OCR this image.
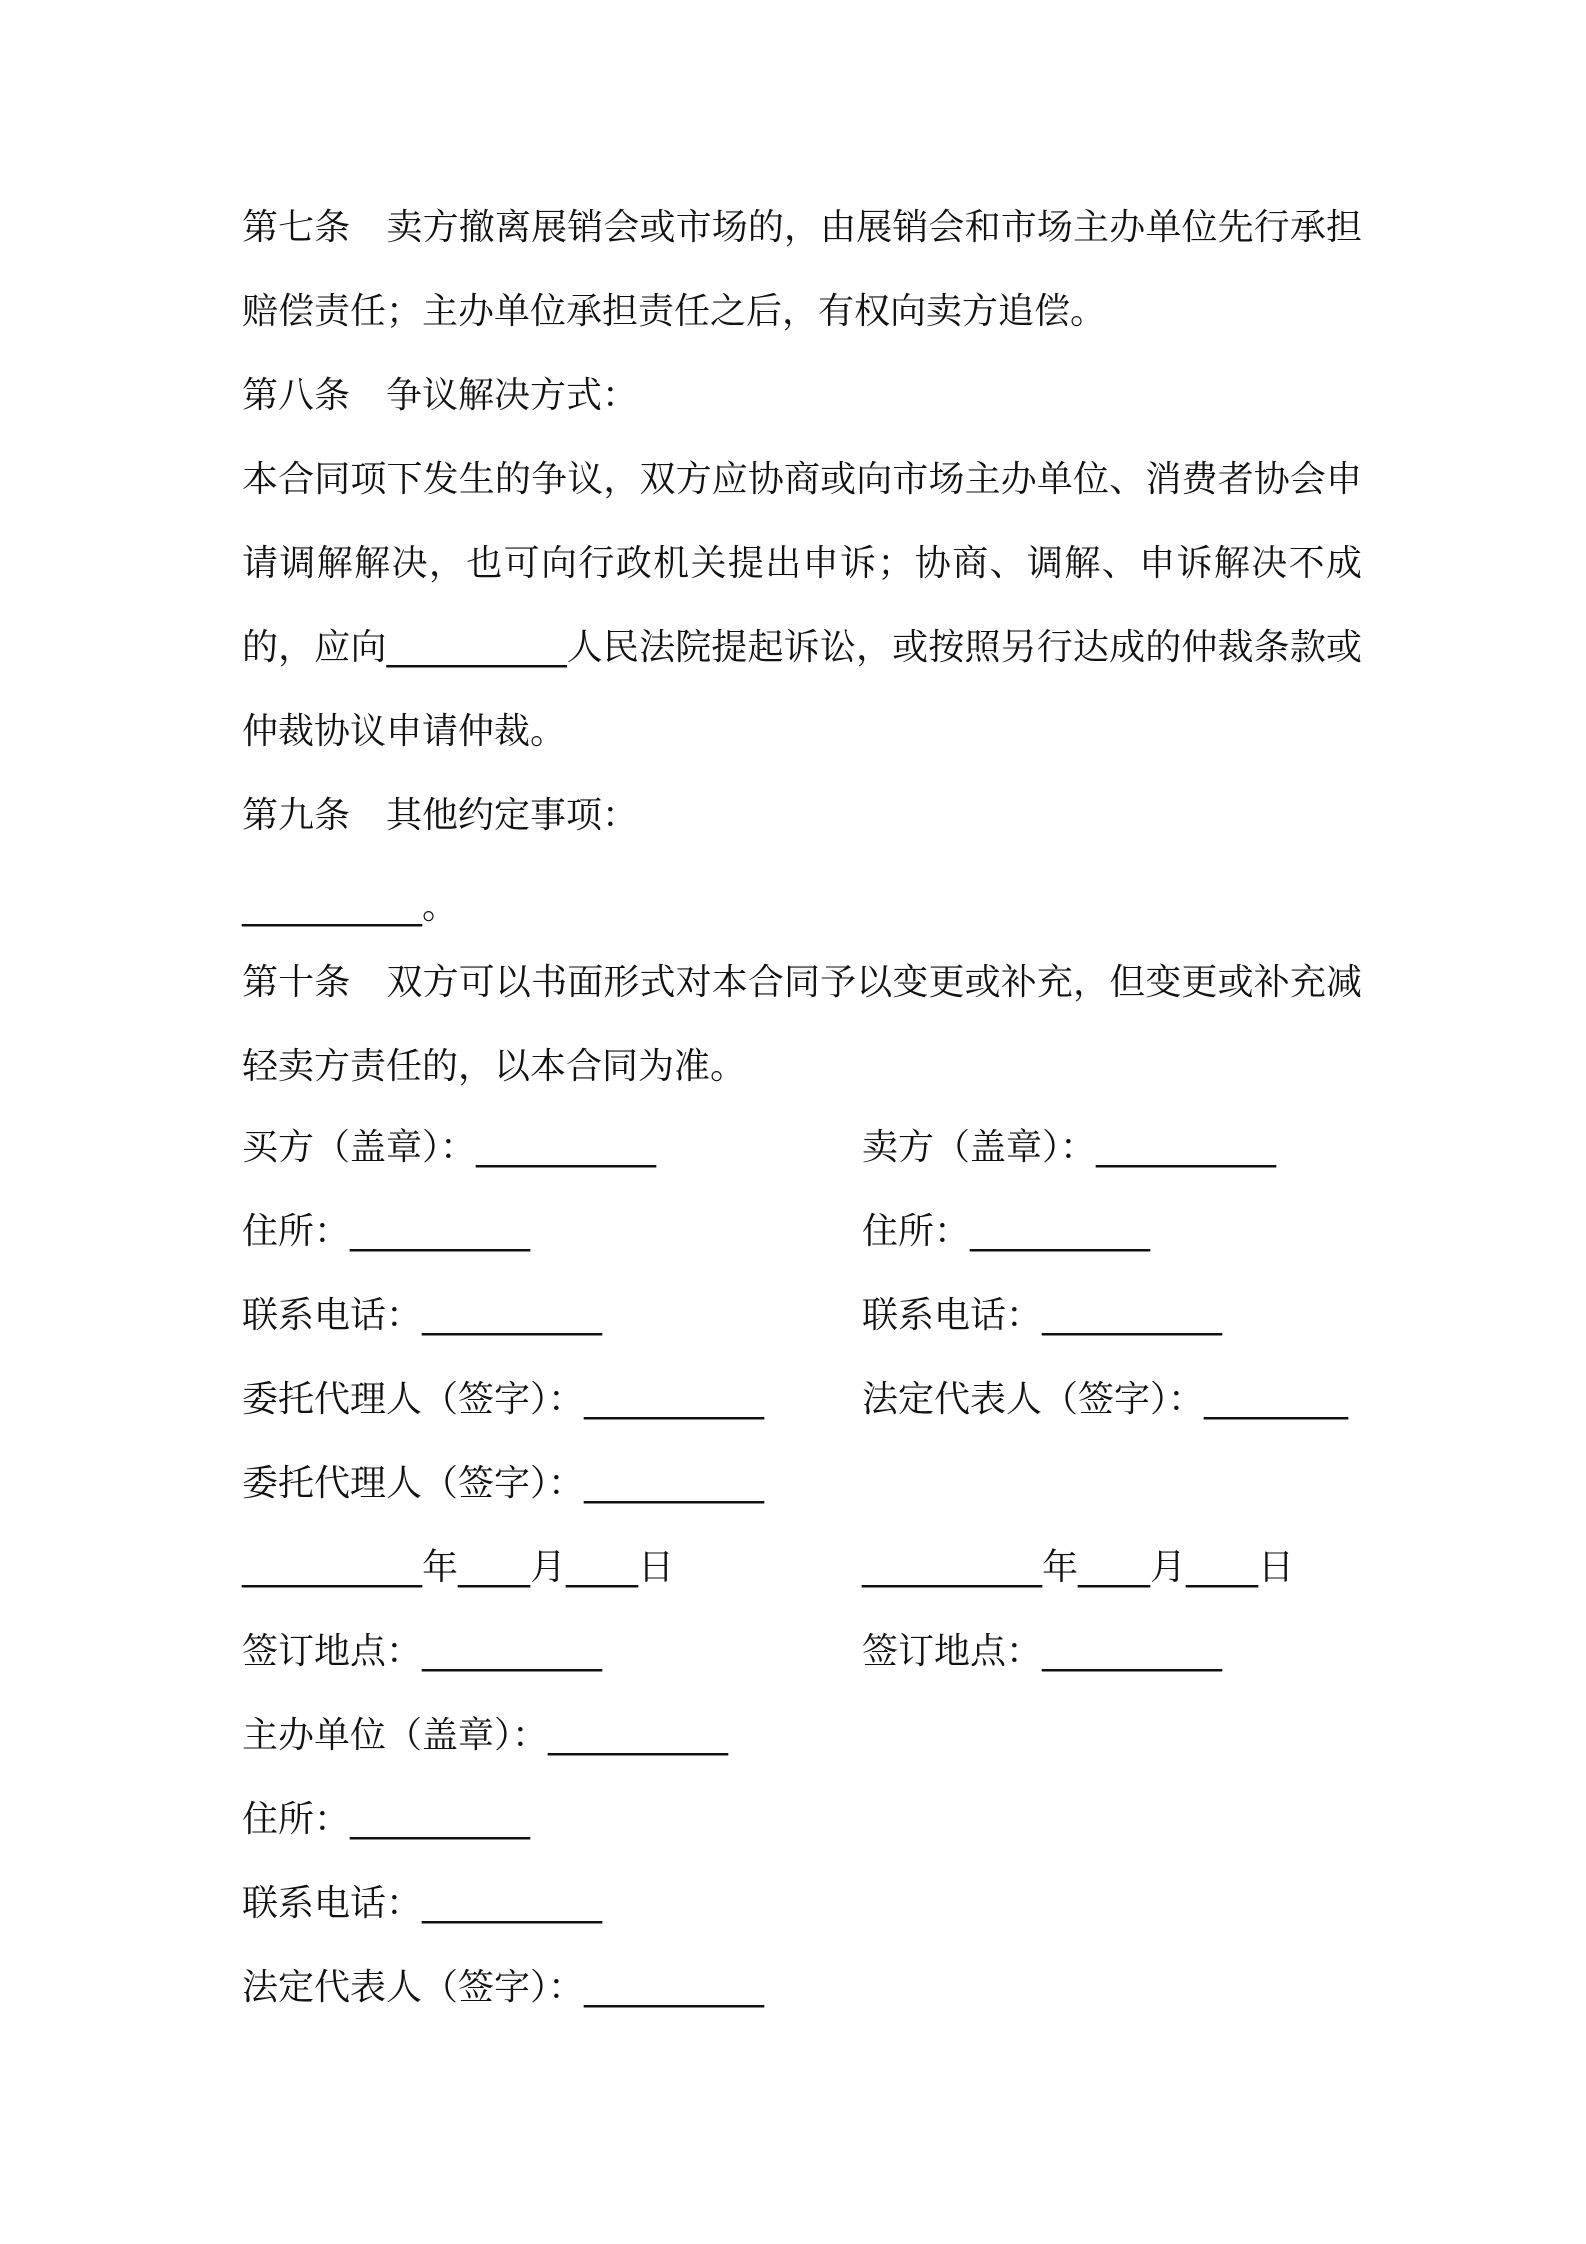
第七条　卖方撤离展销会或市场的，由展销会和市场主办单位先行承担赔偿责任；主办单位承担责任之后，有权向卖方追偿。

第八条　争议解决方式：

本合同项下发生的争议，双方应协商或向市场主办单位、消费者协会申请调解解决，也可向行政机关提出申诉；协商、调解、申诉解决不成的，应向__________人民法院提起诉讼，或按照另行达成的仲裁条款或仲裁协议申请仲裁。

第九条　其他约定事项：

__________。

第十条　双方可以书面形式对本合同予以变更或补充，但变更或补充减轻卖方责任的，以本合同为准。

买方（盖章）：__________
住所：__________
联系电话：__________
委托代理人（签字）：__________
委托代理人（签字）：__________
__________年____月____日
签订地点：__________
卖方（盖章）：__________
住所：__________
联系电话：__________
法定代表人（签字）：________
__________年____月____日
签订地点：__________
主办单位（盖章）：__________
住所：__________
联系电话：__________
法定代表人（签字）：__________
